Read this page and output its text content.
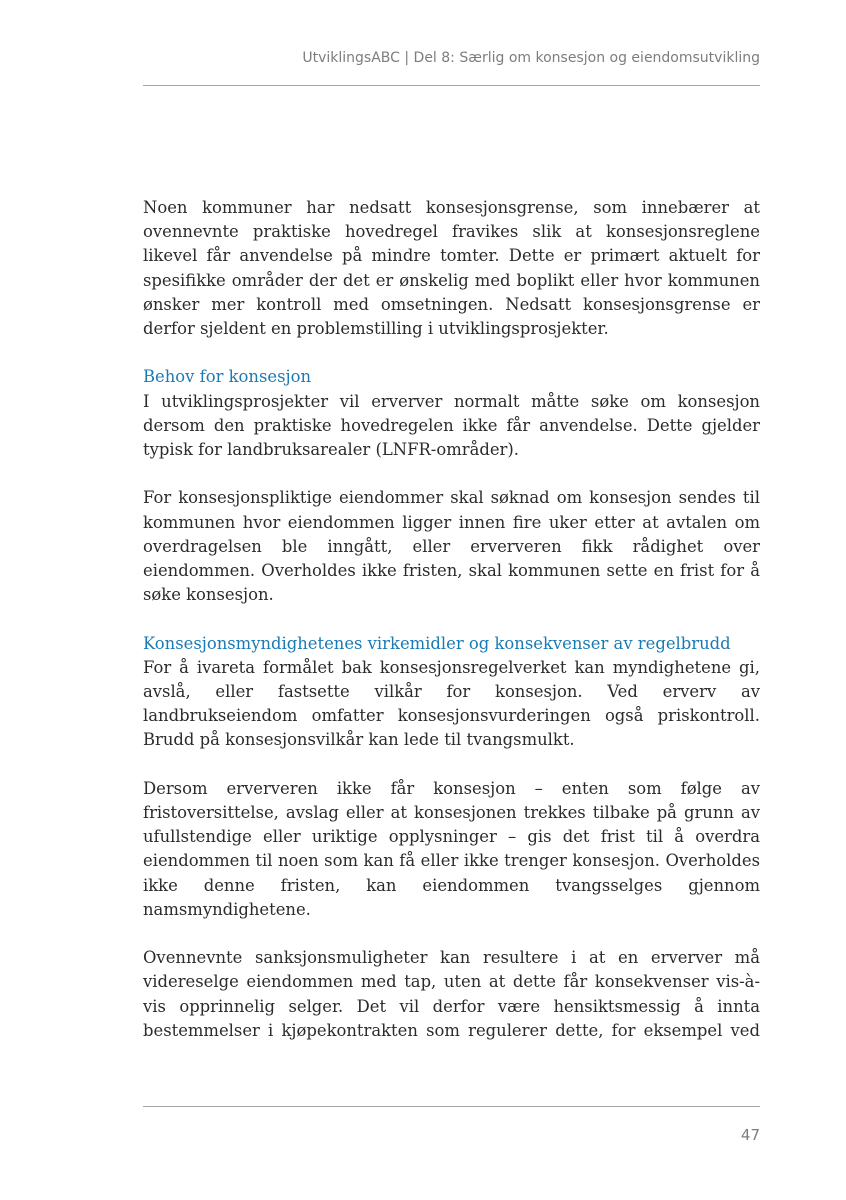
UtviklingsABC | Del 8: Særlig om konsesjon og eiendomsutvikling

Noen kommuner har nedsatt konsesjonsgrense, som innebærer at ovennevnte praktiske hovedregel fravikes slik at konsesjonsreglene likevel får anvendelse på mindre tomter. Dette er primært aktuelt for spesifikke områder der det er ønskelig med boplikt eller hvor kommunen ønsker mer kontroll med omsetningen. Nedsatt konsesjonsgrense er derfor sjeldent en problemstilling i utviklingsprosjekter.

Behov for konsesjon

I utviklingsprosjekter vil erverver normalt måtte søke om konsesjon dersom den praktiske hovedregelen ikke får anvendelse. Dette gjelder typisk for landbruksarealer (LNFR-områder).

For konsesjonspliktige eiendommer skal søknad om konsesjon sendes til kommunen hvor eiendommen ligger innen fire uker etter at avtalen om overdragelsen ble inngått, eller erververen fikk rådighet over eiendommen. Overholdes ikke fristen, skal kommunen sette en frist for å søke konsesjon.

Konsesjonsmyndighetenes virkemidler og konsekvenser av regelbrudd

For å ivareta formålet bak konsesjonsregelverket kan myndighetene gi, avslå, eller fastsette vilkår for konsesjon. Ved erverv av landbrukseiendom omfatter konsesjonsvurderingen også priskontroll. Brudd på konsesjonsvilkår kan lede til tvangsmulkt.

Dersom erververen ikke får konsesjon – enten som følge av fristoversittelse, avslag eller at konsesjonen trekkes tilbake på grunn av ufullstendige eller uriktige opplysninger – gis det frist til å overdra eiendommen til noen som kan få eller ikke trenger konsesjon. Overholdes ikke denne fristen, kan eiendommen tvangsselges gjennom namsmyndighetene.

Ovennevnte sanksjonsmuligheter kan resultere i at en erverver må videreselge eiendommen med tap, uten at dette får konsekvenser vis-à-vis opprinnelig selger. Det vil derfor være hensiktsmessig å innta bestemmelser i kjøpekontrakten som regulerer dette, for eksempel ved

47
